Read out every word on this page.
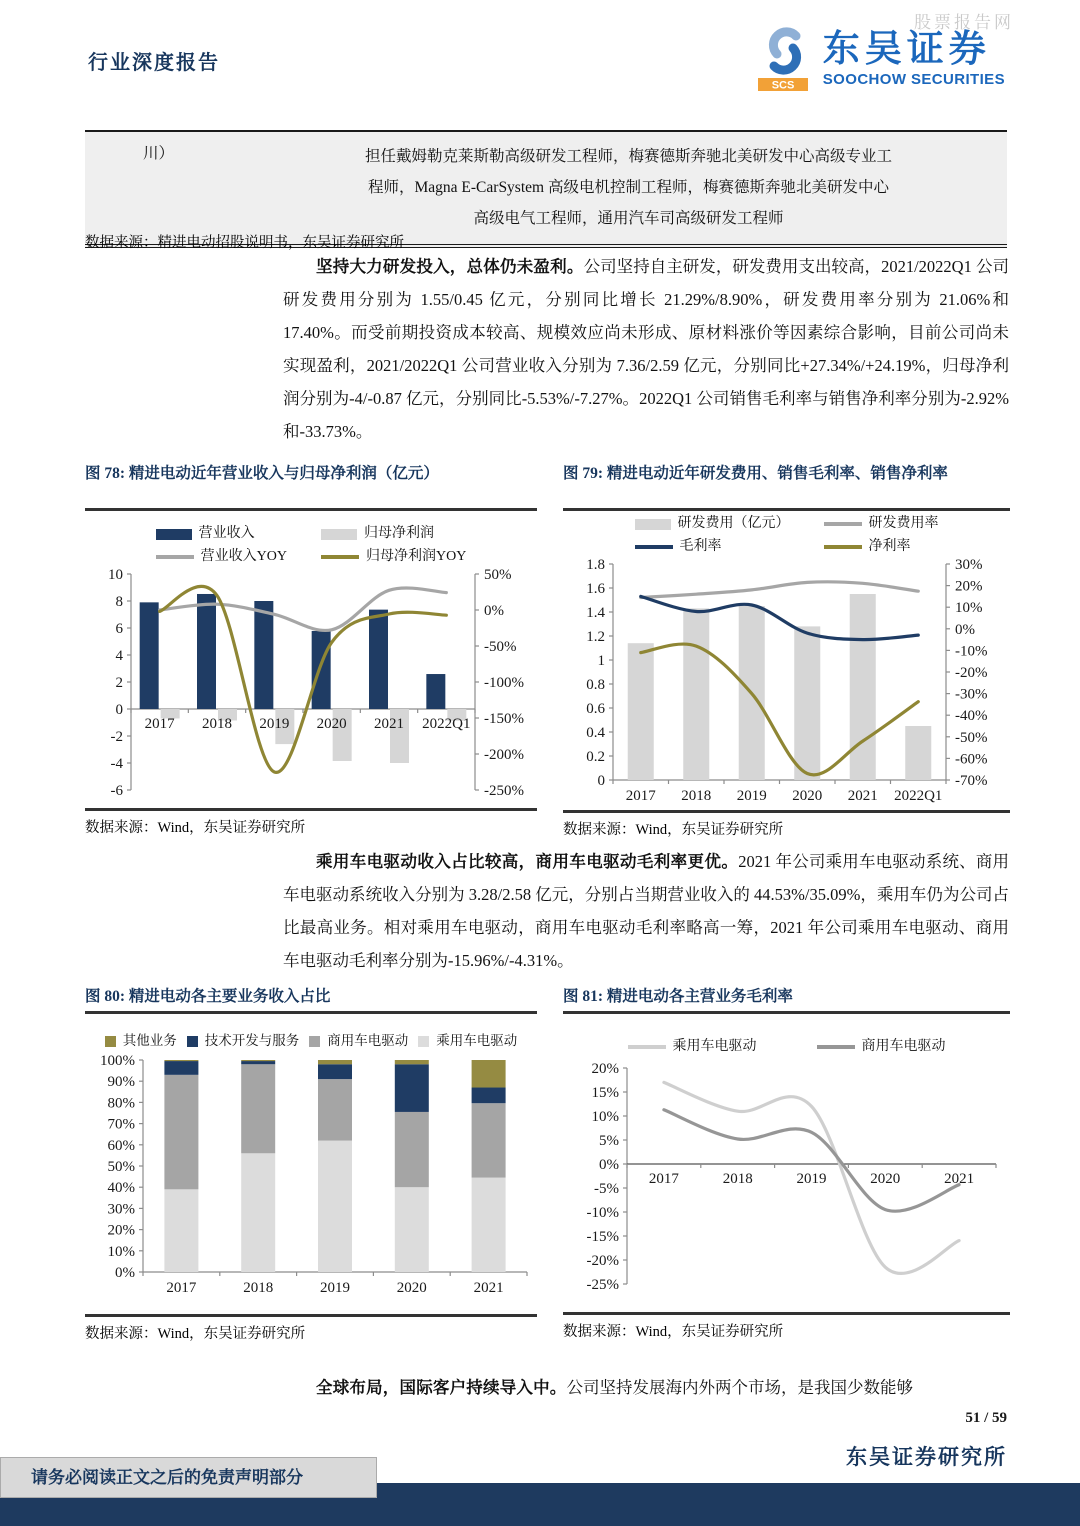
股票报告网
行业深度报告
SCS
东吴证券
SOOCHOW SECURITIES
川）	担任戴姆勒克莱斯勒高级研发工程师，梅赛德斯奔驰北美研发中心高级专业工
程师，Magna E-CarSystem 高级电机控制工程师，梅赛德斯奔驰北美研发中心
高级电气工程师，通用汽车司高级研发工程师
数据来源：精进电动招股说明书，东吴证券研究所

坚持大力研发投入，总体仍未盈利。公司坚持自主研发，研发费用支出较高，2021/2022Q1 公司研发费用分别为 1.55/0.45 亿元，分别同比增长 21.29%/8.90%，研发费用率分别为 21.06%和 17.40%。而受前期投资成本较高、规模效应尚未形成、原材料涨价等因素综合影响，目前公司尚未实现盈利，2021/2022Q1 公司营业收入分别为 7.36/2.59 亿元，分别同比+27.34%/+24.19%，归母净利润分别为-4/-0.87 亿元，分别同比-5.53%/-7.27%。2022Q1 公司销售毛利率与销售净利率分别为-2.92%和-33.73%。

图 78: 精进电动近年营业收入与归母净利润（亿元）
营业收入	归母净利润
营业收入YOY	归母净利润YOY
10
8
6
4
2
0
-2
-4
-6
50%
0%
-50%
-100%
-150%
-200%
-250%
2017 2018 2019 2020 2021 2022Q1
数据来源：Wind，东吴证券研究所
图 79: 精进电动近年研发费用、销售毛利率、销售净利率
研发费用（亿元）	研发费用率
毛利率	净利率
1.8
1.6
1.4
1.2
1
0.8
0.6
0.4
0.2
0
30%
20%
10%
0%
-10%
-20%
-30%
-40%
-50%
-60%
-70%
2017 2018 2019 2020 2021 2022Q1
数据来源：Wind，东吴证券研究所

乘用车电驱动收入占比较高，商用车电驱动毛利率更优。2021 年公司乘用车电驱动系统、商用车电驱动系统收入分别为 3.28/2.58 亿元，分别占当期营业收入的 44.53%/35.09%，乘用车仍为公司占比最高业务。相对乘用车电驱动，商用车电驱动毛利率略高一筹，2021 年公司乘用车电驱动、商用车电驱动毛利率分别为-15.96%/-4.31%。

图 80: 精进电动各主要业务收入占比
其他业务 技术开发与服务 商用车电驱动 乘用车电驱动
100%
90%
80%
70%
60%
50%
40%
30%
20%
10%
0%
2017	2018	2019	2020	2021
数据来源：Wind，东吴证券研究所
图 81: 精进电动各主营业务毛利率
乘用车电驱动	商用车电驱动
20%
15%
10%
5%
0%
-5%
-10%
-15%
-20%
-25%
2017	2018	2019	2020	2021
数据来源：Wind，东吴证券研究所

全球布局，国际客户持续导入中。公司坚持发展海内外两个市场，是我国少数能够

51 / 59
东吴证券研究所
请务必阅读正文之后的免责声明部分
